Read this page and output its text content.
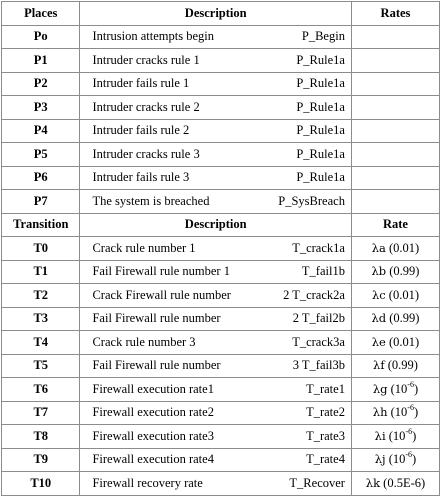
Places	Description	Rates
Po	Intrusion attempts begin P_Begin	

P1	Intruder cracks rule 1 P_Rule1a	

P2	Intruder fails rule 1 P_Rule1a	

P3	Intruder cracks rule 2 P_Rule1a	

P4	Intruder fails rule 2 P_Rule1a	

P5	Intruder cracks rule 3 P_Rule1a	

P6	Intruder fails rule 3 P_Rule1a	

P7	The system is breached P_SysBreach	

Transition	Description	Rate
T0	Crack rule number 1 T_crack1a	λa (0.01)
T1	Fail Firewall rule number 1 T_fail1b	λb (0.99)
T2	Crack Firewall rule number 2 T_crack2a	λc (0.01)
T3	Fail Firewall rule number 2 T_fail2b	λd (0.99)
T4	Crack rule number 3 T_crack3a	λe (0.01)
T5	Fail Firewall rule number 3 T_fail3b	λf (0.99)
T6	Firewall execution rate1 T_rate1	λg $(10^{-6})$
T7	Firewall execution rate2 T_rate2	λh $(10^{-6})$
T8	Firewall execution rate3 T_rate3	λi $(10^{-6})$
T9	Firewall execution rate4 T_rate4	λj $(10^{-6})$
T10	Firewall recovery rate T_Recover	λk (0.5E-6)
